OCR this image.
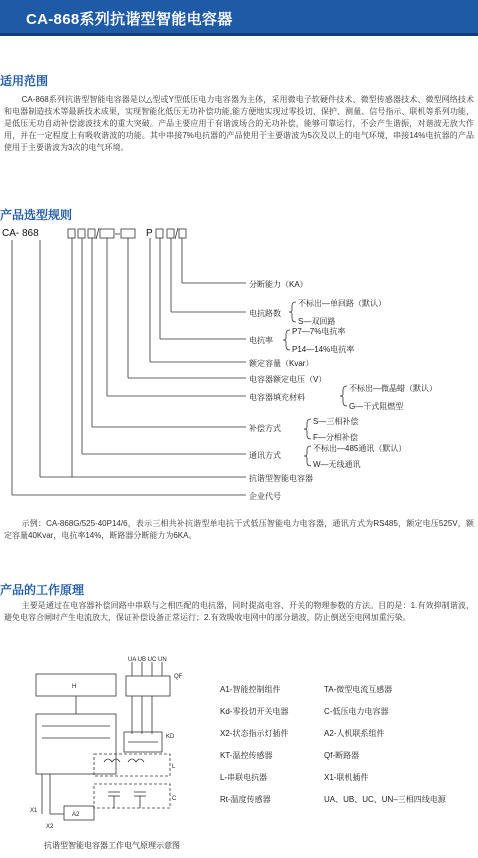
CA-868系列抗谐型智能电容器
适用范围
CA-868系列抗谐型智能电容器是以△型或Y型低压电力电容器为主体，采用微电子软硬件技术、微型传感器技术、微型网络技术和电器制造技术等最新技术成果，实现智能化低压无功补偿功能,能方便地实现过零投切、保护、测量、信号指示、联机等系列功能，是低压无功自动补偿滤波技术的重大突破。产品主要应用于有谐波场合的无功补偿，能够可靠运行，不会产生谐振，对谐波无放大作用，并在一定程度上有吸收谐波的功能。其中串接7%电抗器的产品使用于主要谐波为5次及以上的电气环境，串接14%电抗器的产品使用于主要谐波为3次的电气环境。
产品选型规则
CA- 868	P
分断能力（KA）
电抗路数
不标出—单回路（默认）
S—双回路
电抗率
P7—7%电抗率
P14—14%电抗率
额定容量（Kvar）
电容器额定电压（V）
电容器填充材料
不标出—微晶蜡（默认）
G—干式阻燃型
补偿方式
S—三相补偿
F—分相补偿
通讯方式
不标出—485通讯（默认）
W—无线通讯
抗谐型智能电容器
企业代号
示例：CA-868G/525-40P14/6，表示三相共补抗谐型单电抗干式低压智能电力电容器，通讯方式为RS485，额定电压525V，额定容量40Kvar，电抗率14%，断路器分断能力为6KA。
产品的工作原理
主要是通过在电容器补偿回路中串联与之相匹配的电抗器，同时提高电容、开关的物理参数的方法。目的是：1.有效抑制谐波，避免电容合闸时产生电流放大，保证补偿设备正常运行；2.有效吸收电网中的部分谐波，防止倒送至电网加重污染。
UA UB UC UN
QF
KD
L
C
H
X1
X2
A2
A1-智能控制组件	TA-微型电流互感器
Kd-零投切开关电器	C-低压电力电容器
X2-状态指示灯插件	A2-人机联系组件
KT-温控传感器	Qf-断路器
L-串联电抗器	X1-联机插件
Rt-温度传感器	UA、UB、UC、UN–三相四线电源
抗谐型智能电容器工作电气原理示意图
